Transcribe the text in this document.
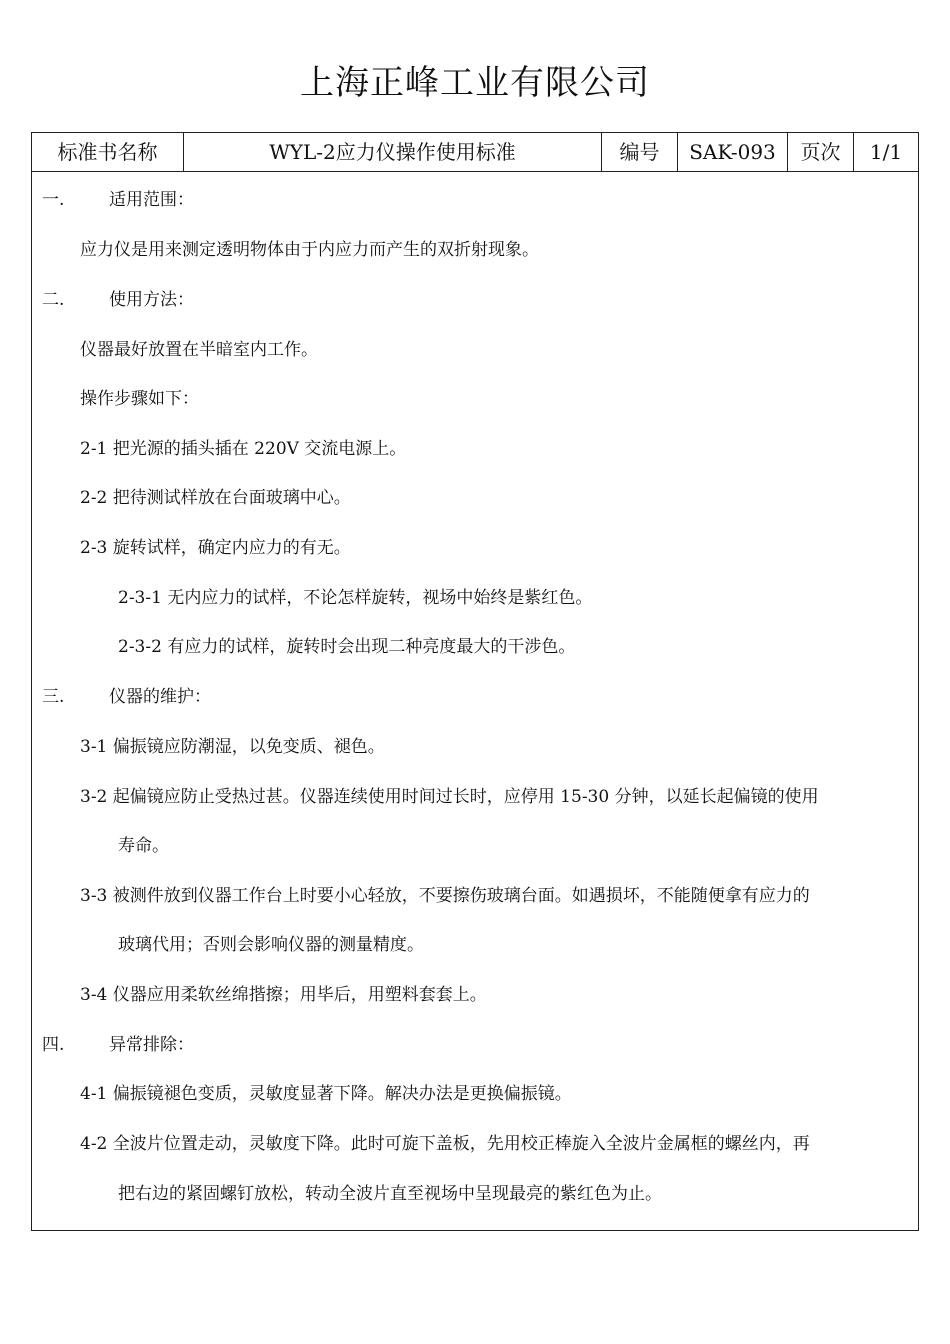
上海正峰工业有限公司
标准书名称	WYL-2应力仪操作使用标准	编号	SAK-093	页次	1/1
一.	适用范围：
应力仪是用来测定透明物体由于内应力而产生的双折射现象。
二.	使用方法：
仪器最好放置在半暗室内工作。
操作步骤如下：
2-1 把光源的插头插在 220V 交流电源上。
2-2 把待测试样放在台面玻璃中心。
2-3 旋转试样，确定内应力的有无。
2-3-1 无内应力的试样，不论怎样旋转，视场中始终是紫红色。
2-3-2 有应力的试样，旋转时会出现二种亮度最大的干涉色。
三.	仪器的维护：
3-1 偏振镜应防潮湿，以免变质、褪色。
3-2 起偏镜应防止受热过甚。仪器连续使用时间过长时，应停用 15-30 分钟，以延长起偏镜的使用
寿命。
3-3 被测件放到仪器工作台上时要小心轻放，不要擦伤玻璃台面。如遇损坏，不能随便拿有应力的
玻璃代用；否则会影响仪器的测量精度。
3-4 仪器应用柔软丝绵揩擦；用毕后，用塑料套套上。
四.	异常排除：
4-1 偏振镜褪色变质，灵敏度显著下降。解决办法是更换偏振镜。
4-2 全波片位置走动，灵敏度下降。此时可旋下盖板，先用校正棒旋入全波片金属框的螺丝内，再
把右边的紧固螺钉放松，转动全波片直至视场中呈现最亮的紫红色为止。
